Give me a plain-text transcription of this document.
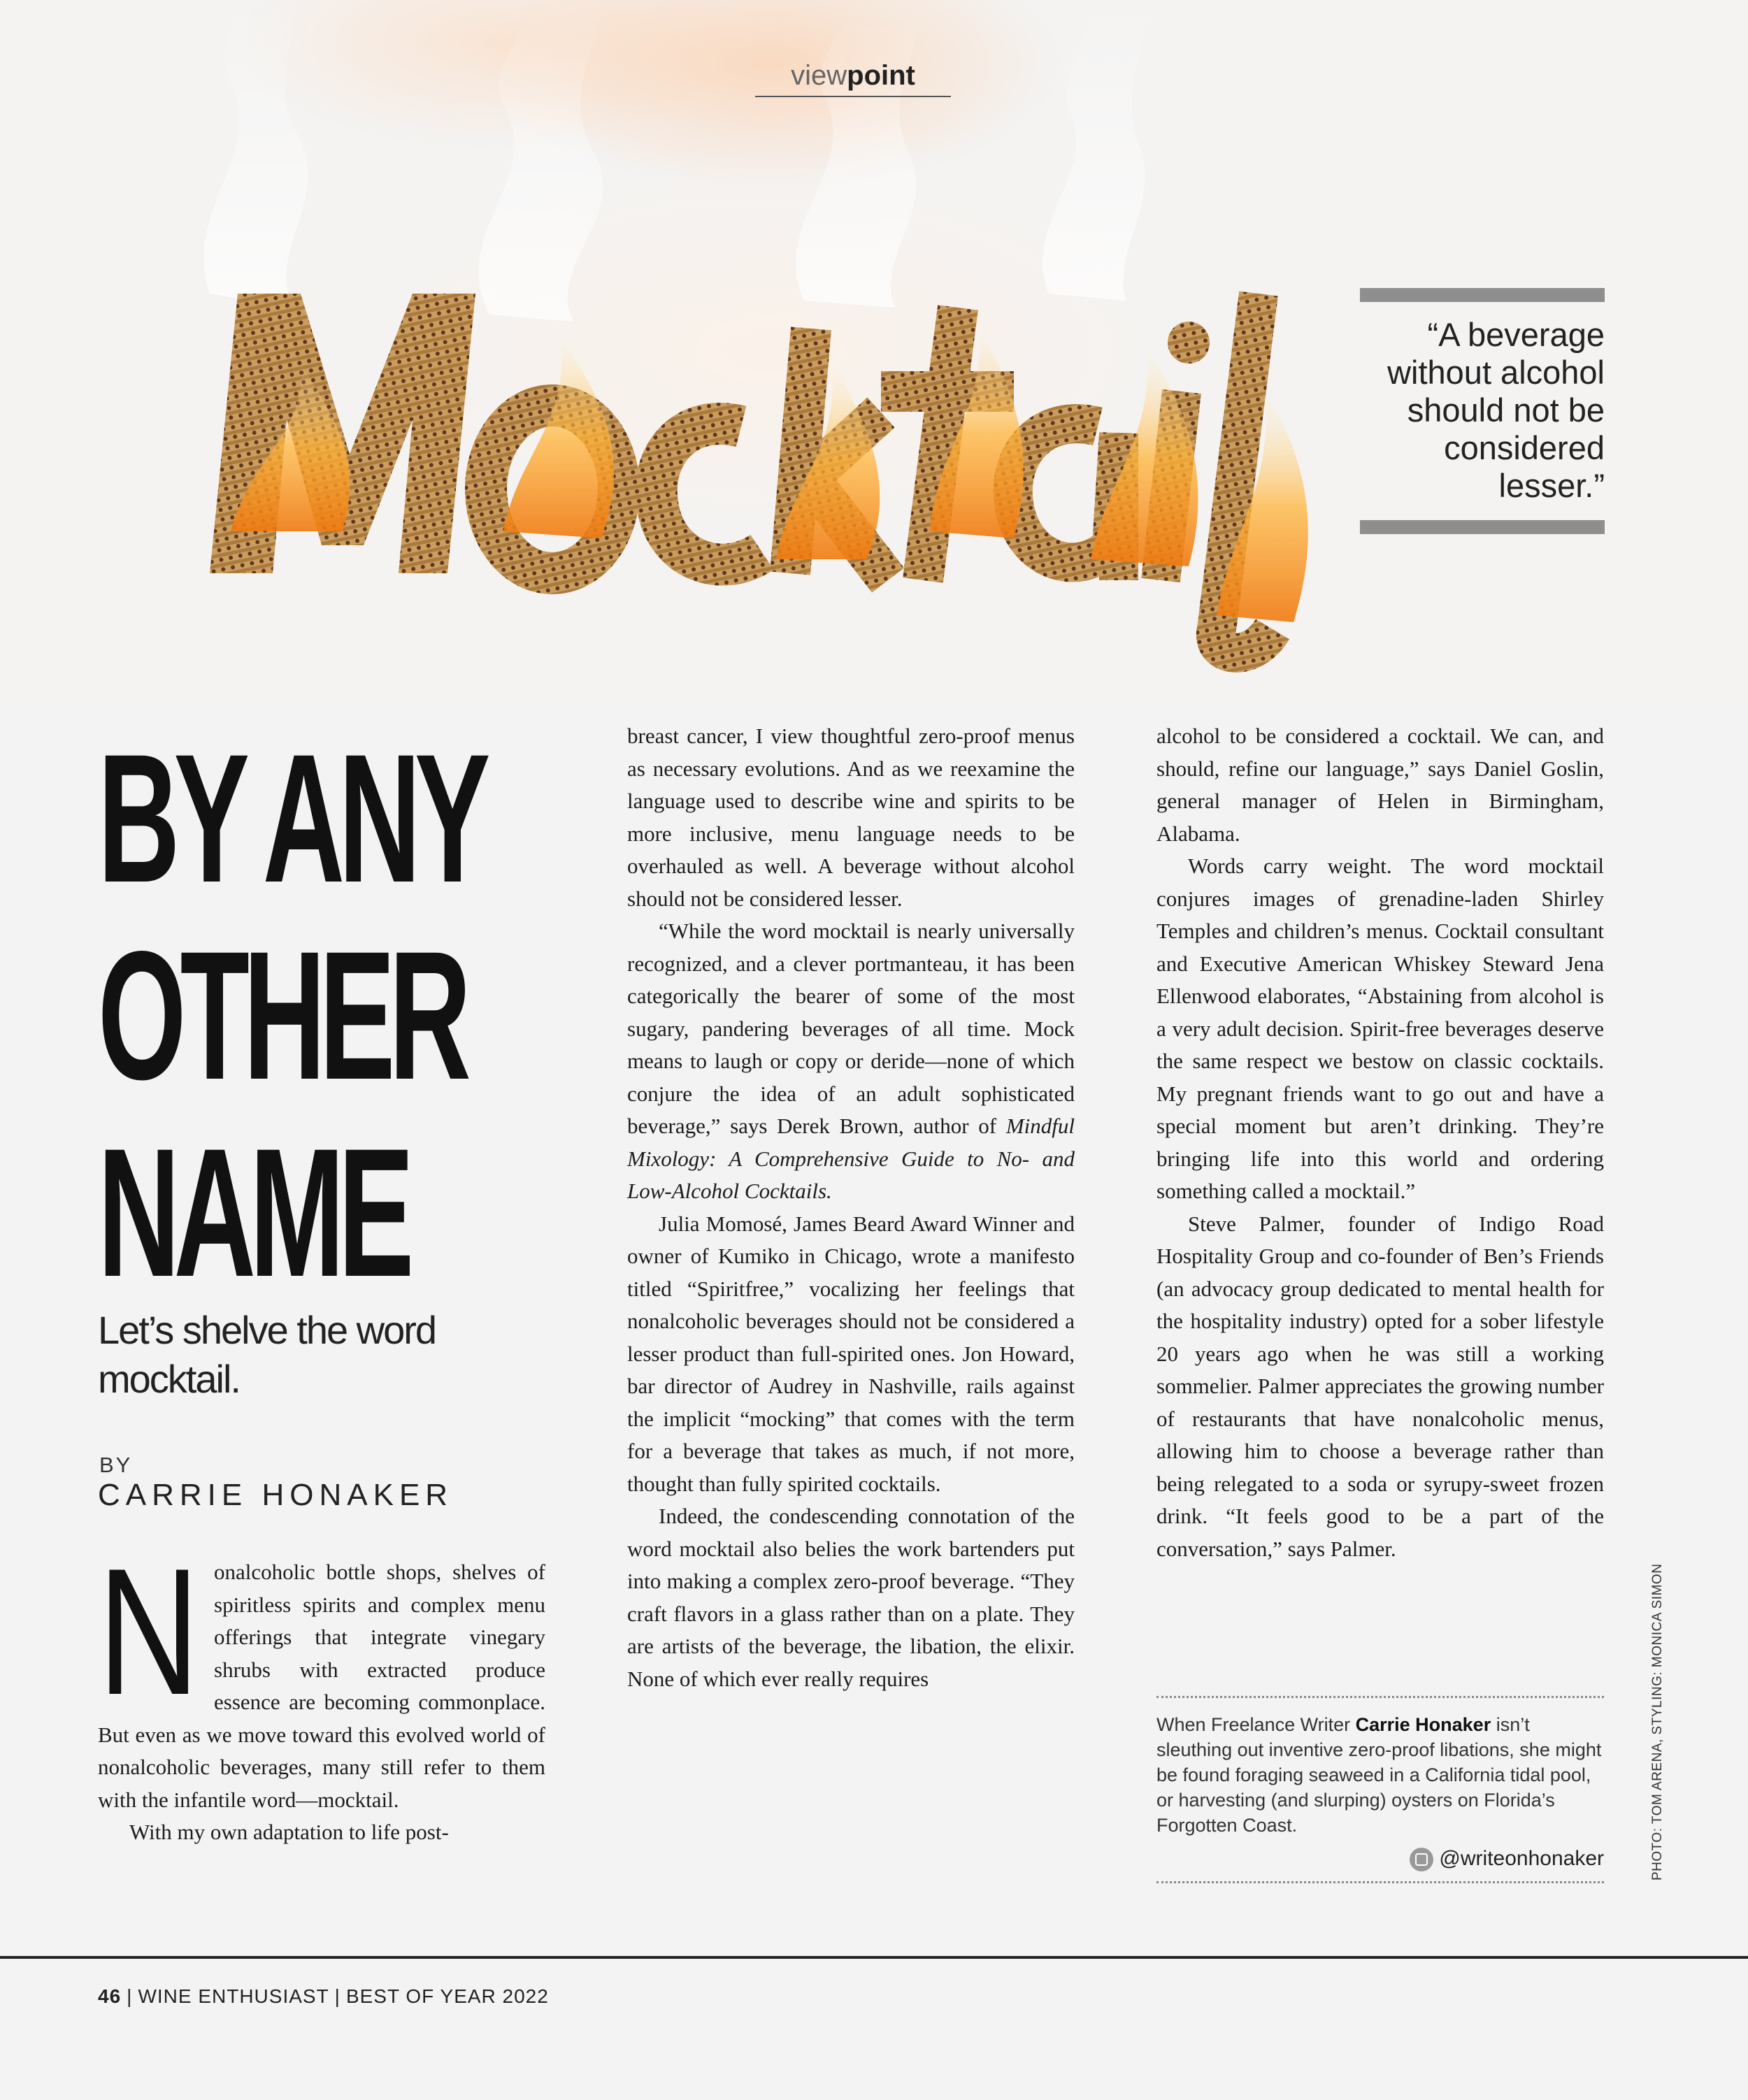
viewpoint
“A beverage without alcohol should not be considered lesser.”
BY ANY
OTHER
NAME
Let’s shelve the word mocktail.
BY
CARRIE HONAKER

Nonalcoholic bottle shops, shelves of spiritless spirits and complex menu offerings that integrate vinegary shrubs with extracted produce essence are becoming commonplace. But even as we move toward this evolved world of nonalcoholic beverages, many still refer to them with the infantile word—mocktail.

With my own adaptation to life post-

breast cancer, I view thoughtful zero-proof menus as necessary evolutions. And as we reexamine the language used to describe wine and spirits to be more inclusive, menu language needs to be overhauled as well. A beverage without alcohol should not be considered lesser.

“While the word mocktail is nearly universally recognized, and a clever portmanteau, it has been categorically the bearer of some of the most sugary, pandering beverages of all time. Mock means to laugh or copy or deride—none of which conjure the idea of an adult sophisticated beverage,” says Derek Brown, author of Mindful Mixology: A Comprehensive Guide to No- and Low-Alcohol Cocktails.

Julia Momosé, James Beard Award Winner and owner of Kumiko in Chicago, wrote a manifesto titled “Spiritfree,” vocalizing her feelings that nonalcoholic beverages should not be considered a lesser product than full-spirited ones. Jon Howard, bar director of Audrey in Nashville, rails against the implicit “mocking” that comes with the term for a beverage that takes as much, if not more, thought than fully spirited cocktails.

Indeed, the condescending connotation of the word mocktail also belies the work bartenders put into making a complex zero-proof beverage. “They craft flavors in a glass rather than on a plate. They are artists of the beverage, the libation, the elixir. None of which ever really requires

alcohol to be considered a cocktail. We can, and should, refine our language,” says Daniel Goslin, general manager of Helen in Birmingham, Alabama.

Words carry weight. The word mocktail conjures images of grenadine-laden Shirley Temples and children’s menus. Cocktail consultant and Executive American Whiskey Steward Jena Ellenwood elaborates, “Abstaining from alcohol is a very adult decision. Spirit-free beverages deserve the same respect we bestow on classic cocktails. My pregnant friends want to go out and have a special moment but aren’t drinking. They’re bringing life into this world and ordering something called a mocktail.”

Steve Palmer, founder of Indigo Road Hospitality Group and co-founder of Ben’s Friends (an advocacy group dedicated to mental health for the hospitality industry) opted for a sober lifestyle 20 years ago when he was still a working sommelier. Palmer appreciates the growing number of restaurants that have nonalcoholic menus, allowing him to choose a beverage rather than being relegated to a soda or syrupy-sweet frozen drink. “It feels good to be a part of the conversation,” says Palmer.

When Freelance Writer Carrie Honaker isn’t sleuthing out inventive zero-proof libations, she might be found foraging seaweed in a California tidal pool, or harvesting (and slurping) oysters on Florida’s Forgotten Coast.
@writeonhonaker	PHOTO: TOM ARENA, STYLING: MONICA SIMON
46 | WINE ENTHUSIAST | BEST OF YEAR 2022
